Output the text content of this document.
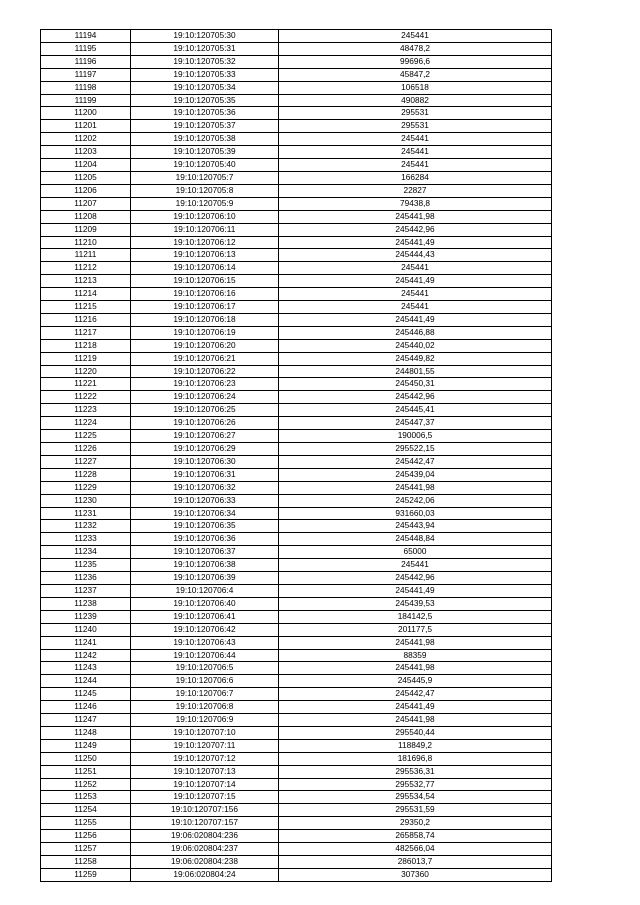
11194	19:10:120705:30	245441
11195	19:10:120705:31	48478,2
11196	19:10:120705:32	99696,6
11197	19:10:120705:33	45847,2
11198	19:10:120705:34	106518
11199	19:10:120705:35	490882
11200	19:10:120705:36	295531
11201	19:10:120705:37	295531
11202	19:10:120705:38	245441
11203	19:10:120705:39	245441
11204	19:10:120705:40	245441
11205	19:10:120705:7	166284
11206	19:10:120705:8	22827
11207	19:10:120705:9	79438,8
11208	19:10:120706:10	245441,98
11209	19:10:120706:11	245442,96
11210	19:10:120706:12	245441,49
11211	19:10:120706:13	245444,43
11212	19:10:120706:14	245441
11213	19:10:120706:15	245441,49
11214	19:10:120706:16	245441
11215	19:10:120706:17	245441
11216	19:10:120706:18	245441,49
11217	19:10:120706:19	245446,88
11218	19:10:120706:20	245440,02
11219	19:10:120706:21	245449,82
11220	19:10:120706:22	244801,55
11221	19:10:120706:23	245450,31
11222	19:10:120706:24	245442,96
11223	19:10:120706:25	245445,41
11224	19:10:120706:26	245447,37
11225	19:10:120706:27	190006,5
11226	19:10:120706:29	295522,15
11227	19:10:120706:30	245442,47
11228	19:10:120706:31	245439,04
11229	19:10:120706:32	245441,98
11230	19:10:120706:33	245242,06
11231	19:10:120706:34	931660,03
11232	19:10:120706:35	245443,94
11233	19:10:120706:36	245448,84
11234	19:10:120706:37	65000
11235	19:10:120706:38	245441
11236	19:10:120706:39	245442,96
11237	19:10:120706:4	245441,49
11238	19:10:120706:40	245439,53
11239	19:10:120706:41	184142,5
11240	19:10:120706:42	201177,5
11241	19:10:120706:43	245441,98
11242	19:10:120706:44	88359
11243	19:10:120706:5	245441,98
11244	19:10:120706:6	245445,9
11245	19:10:120706:7	245442,47
11246	19:10:120706:8	245441,49
11247	19:10:120706:9	245441,98
11248	19:10:120707:10	295540,44
11249	19:10:120707:11	118849,2
11250	19:10:120707:12	181696,8
11251	19:10:120707:13	295536,31
11252	19:10:120707:14	295532,77
11253	19:10:120707:15	295534,54
11254	19:10:120707:156	295531,59
11255	19:10:120707:157	29350,2
11256	19:06:020804:236	265858,74
11257	19:06:020804:237	482566,04
11258	19:06:020804:238	286013,7
11259	19:06:020804:24	307360
